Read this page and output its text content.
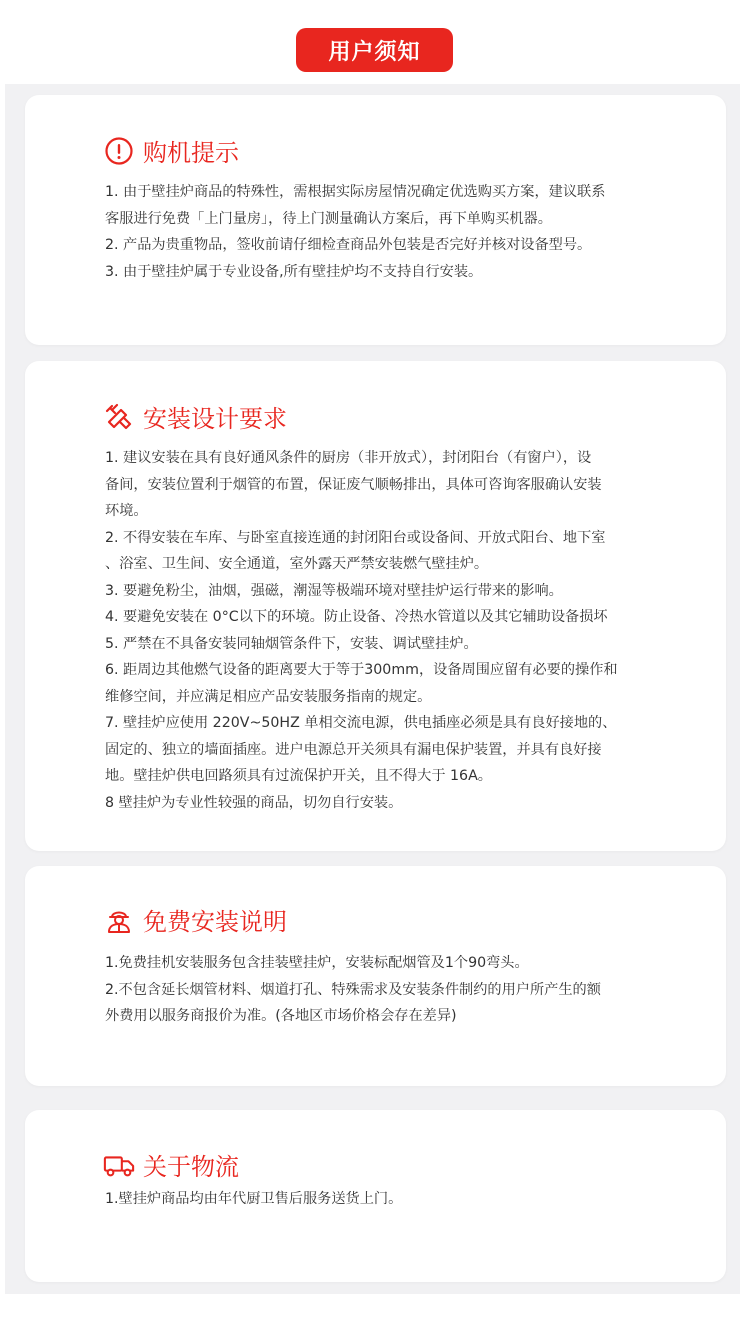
用户须知
购机提示

1. 由于壁挂炉商品的特殊性，需根据实际房屋情况确定优选购买方案，建议联系

客服进行免费「上门量房」，待上门测量确认方案后，再下单购买机器。

2. 产品为贵重物品，签收前请仔细检查商品外包装是否完好并核对设备型号。

3. 由于壁挂炉属于专业设备,所有壁挂炉均不支持自行安装。

安装设计要求

1. 建议安装在具有良好通风条件的厨房（非开放式），封闭阳台（有窗户），设

备间，安装位置利于烟管的布置，保证废气顺畅排出，具体可咨询客服确认安装

环境。

2. 不得安装在车库、与卧室直接连通的封闭阳台或设备间、开放式阳台、地下室

、浴室、卫生间、安全通道，室外露天严禁安装燃气壁挂炉。

3. 要避免粉尘，油烟，强磁，潮湿等极端环境对壁挂炉运行带来的影响。

4. 要避免安装在 0°C以下的环境。防止设备、冷热水管道以及其它辅助设备损坏

5. 严禁在不具备安装同轴烟管条件下，安装、调试壁挂炉。

6. 距周边其他燃气设备的距离要大于等于300mm，设备周围应留有必要的操作和

维修空间，并应满足相应产品安装服务指南的规定。

7. 壁挂炉应使用 220V~50HZ 单相交流电源，供电插座必须是具有良好接地的、

固定的、独立的墙面插座。进户电源总开关须具有漏电保护装置，并具有良好接

地。壁挂炉供电回路须具有过流保护开关，且不得大于 16A。

8 壁挂炉为专业性较强的商品，切勿自行安装。

免费安装说明

1.免费挂机安装服务包含挂装壁挂炉，安装标配烟管及1个90弯头。

2.不包含延长烟管材料、烟道打孔、特殊需求及安装条件制约的用户所产生的额

外费用以服务商报价为准。(各地区市场价格会存在差异)

关于物流

1.壁挂炉商品均由年代厨卫售后服务送货上门。
